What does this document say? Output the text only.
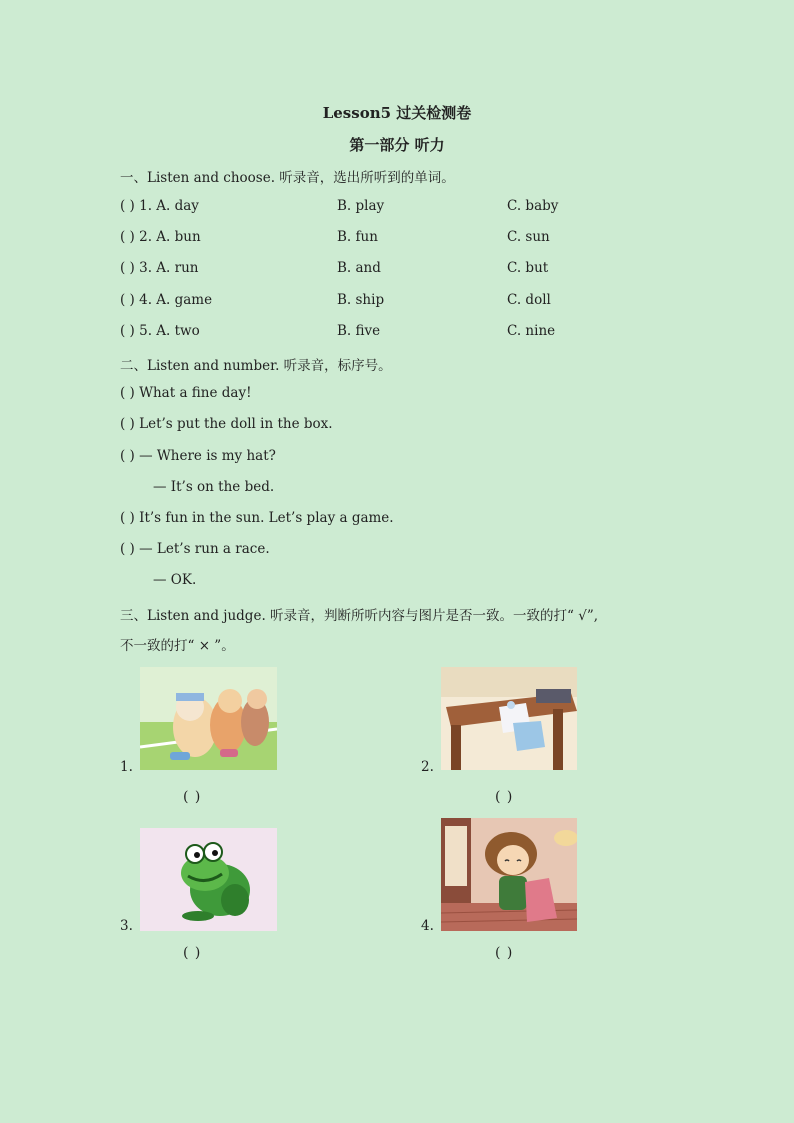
Lesson5 过关检测卷
第一部分 听力
一、Listen and choose. 听录音，选出所听到的单词。
( ) 1. A. day	B. play	C. baby
( ) 2. A. bun	B. fun	C. sun
( ) 3. A. run	B. and	C. but
( ) 4. A. game	B. ship	C. doll
( ) 5. A. two	B. five	C. nine
二、Listen and number. 听录音，标序号。
( ) What a fine day!
( ) Let’s put the doll in the box.
( ) — Where is my hat?
— It’s on the bed.
( ) It’s fun in the sun. Let’s play a game.
( ) — Let’s run a race.
— OK.
三、Listen and judge. 听录音，判断所听内容与图片是否一致。一致的打“ √”,
不一致的打“ × ”。
1.
( )
2.
( )
3.
( )
4.
( )
